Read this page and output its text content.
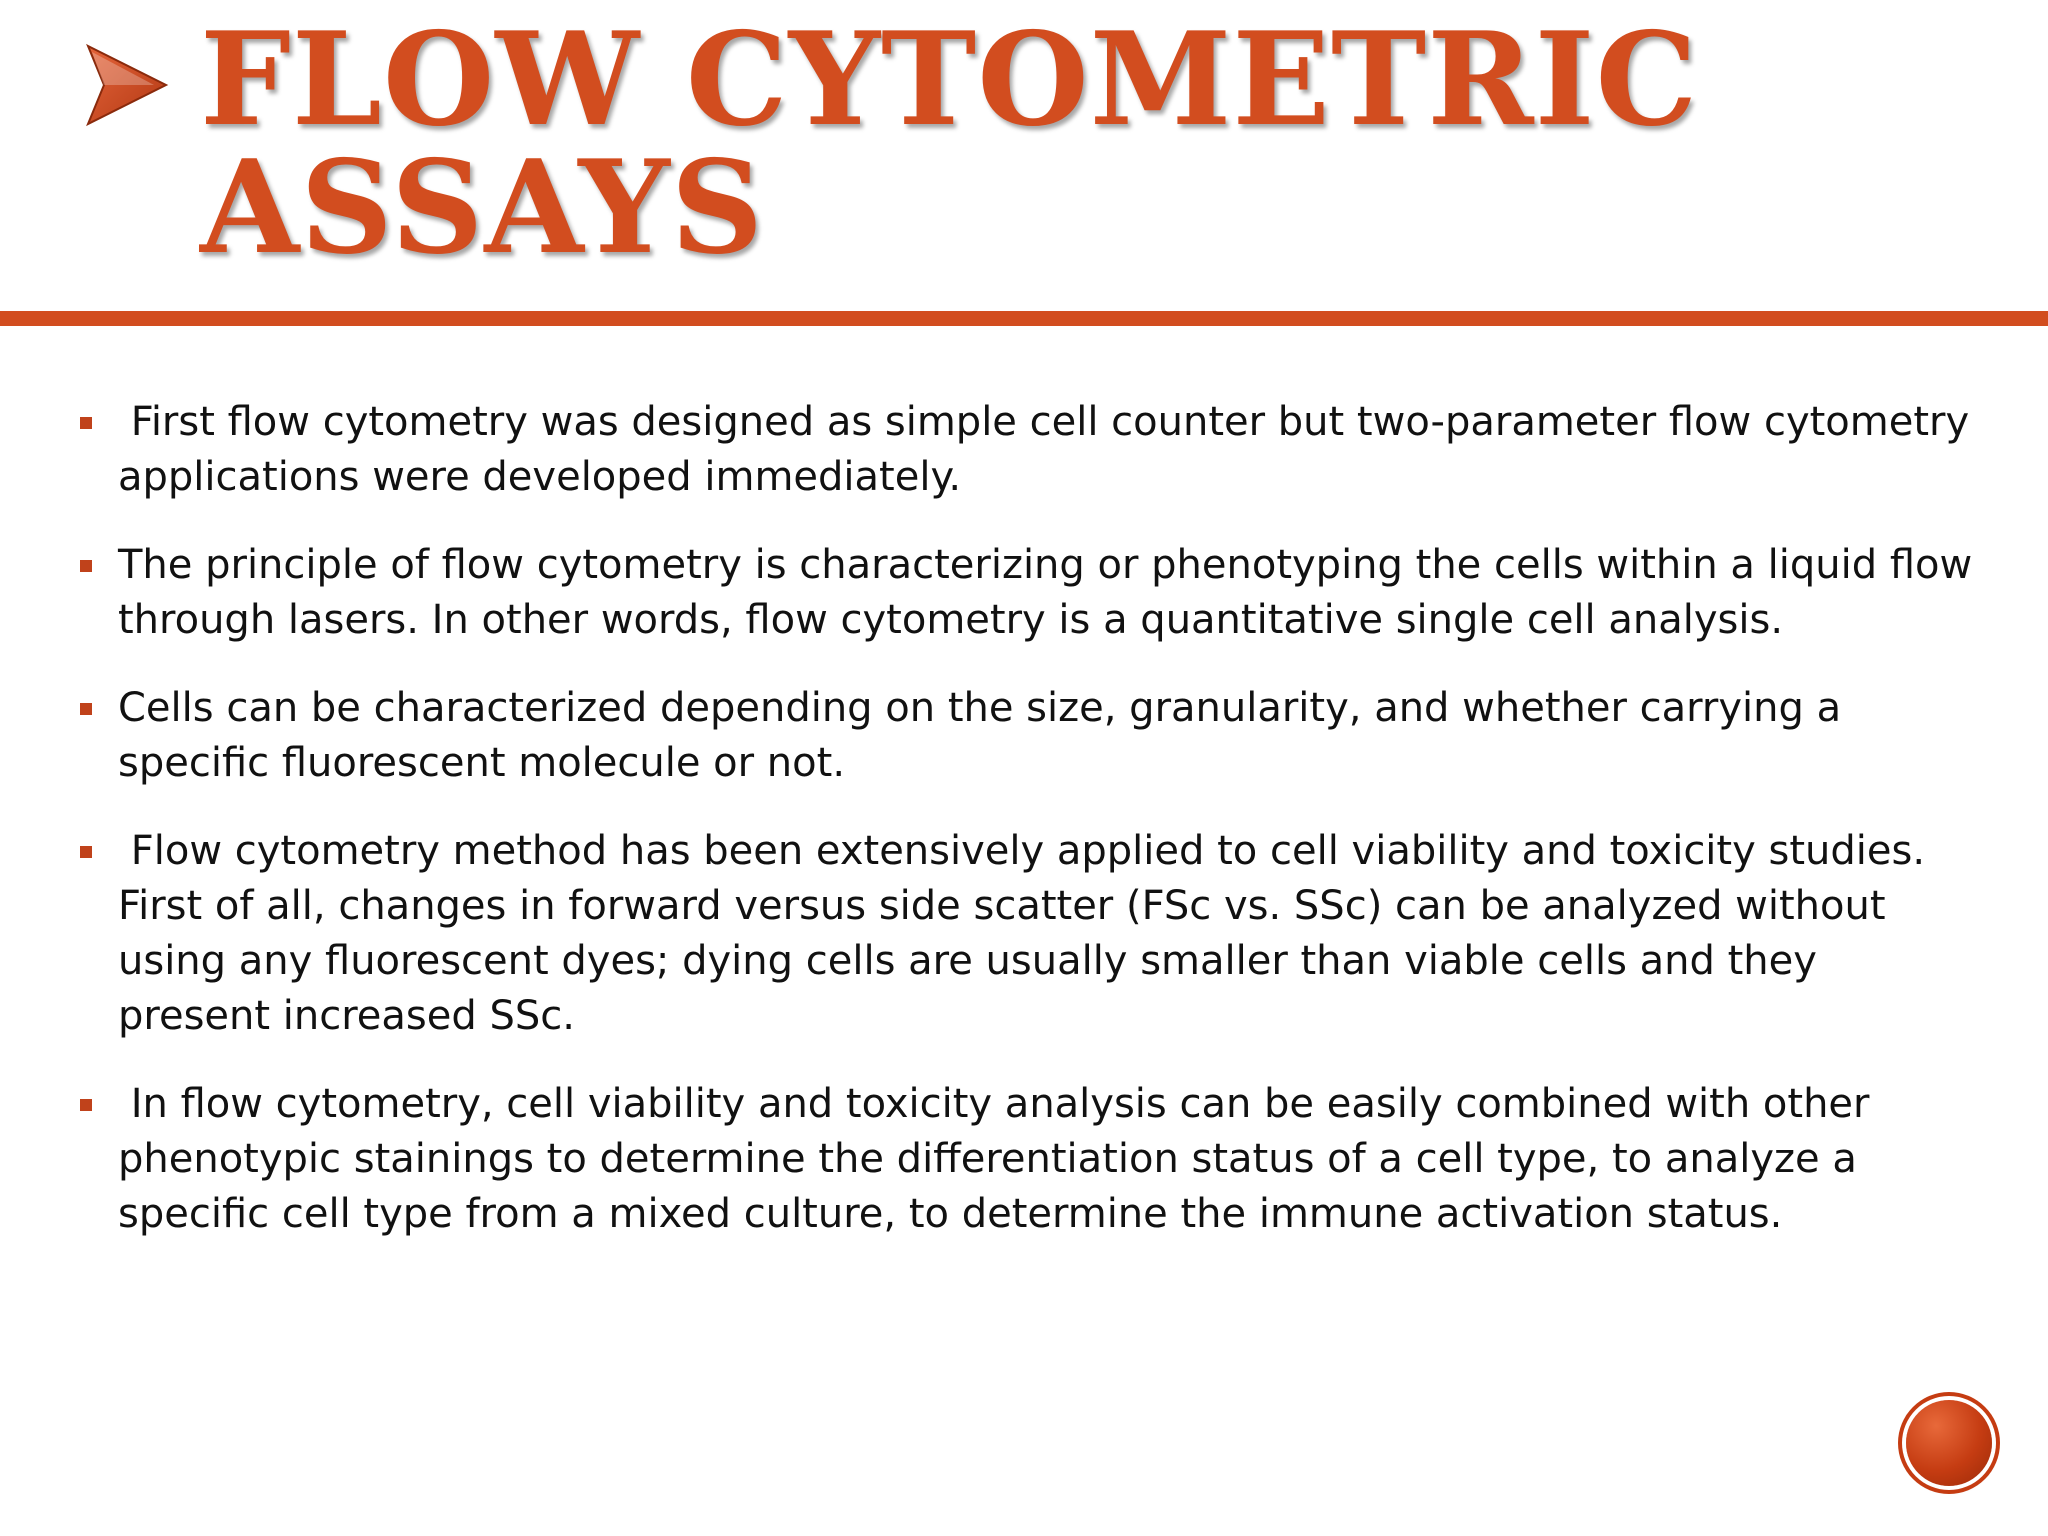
FLOW CYTOMETRIC
ASSAYS
First flow cytometry was designed as simple cell counter but two-parameter flow cytometry applications were developed immediately.
The principle of flow cytometry is characterizing or phenotyping the cells within a liquid flow through lasers. In other words, flow cytometry is a quantitative single cell analysis.
Cells can be characterized depending on the size, granularity, and whether carrying a specific fluorescent molecule or not.
Flow cytometry method has been extensively applied to cell viability and toxicity studies. First of all, changes in forward versus side scatter (FSc vs. SSc) can be analyzed without using any fluorescent dyes; dying cells are usually smaller than viable cells and they present increased SSc.
In flow cytometry, cell viability and toxicity analysis can be easily combined with other phenotypic stainings to determine the differentiation status of a cell type, to analyze a specific cell type from a mixed culture, to determine the immune activation status.
